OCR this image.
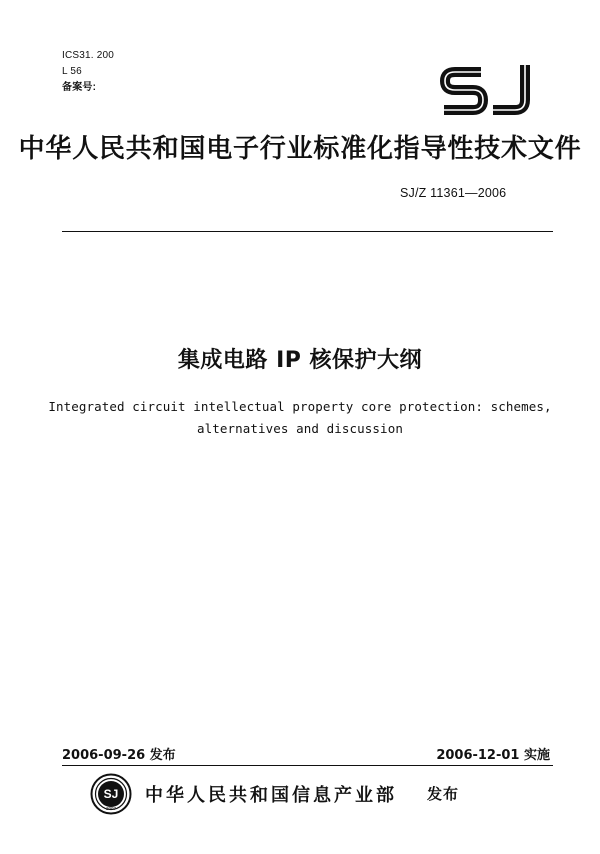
ICS31. 200
L 56
备案号:
SJ
中华人民共和国电子行业标准化指导性技术文件
SJ/Z 11361—2006
集成电路 IP 核保护大纲
Integrated circuit intellectual property core protection: schemes,
alternatives and discussion
2006-09-26 发布	2006-12-01 实施
SJ
2007
中华人民共和国信息产业部 发布
